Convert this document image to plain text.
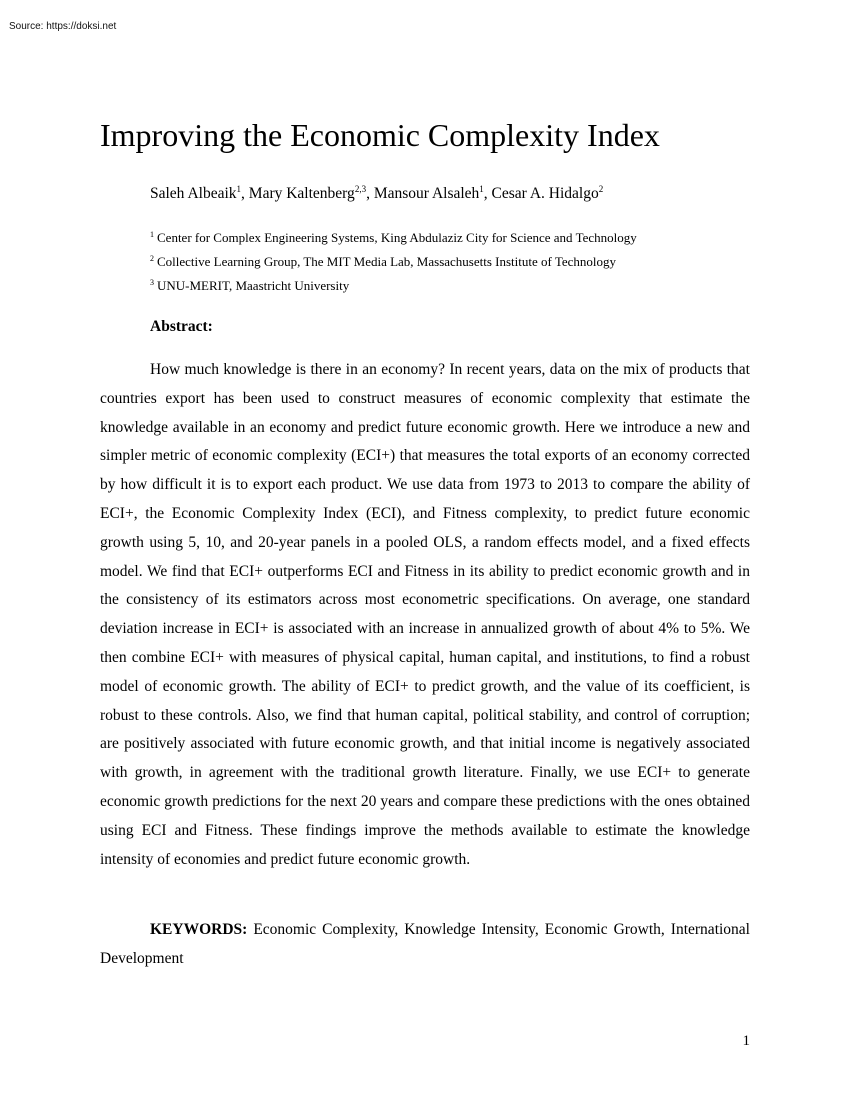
Source: https://doksi.net
Improving the Economic Complexity Index
Saleh Albeaik$^1$, Mary Kaltenberg$^{2,3}$, Mansour Alsaleh$^1$, Cesar A. Hidalgo$^2$
$^1$ Center for Complex Engineering Systems, King Abdulaziz City for Science and Technology
$^2$ Collective Learning Group, The MIT Media Lab, Massachusetts Institute of Technology
$^3$ UNU-MERIT, Maastricht University
Abstract:

How much knowledge is there in an economy? In recent years, data on the mix of products that countries export has been used to construct measures of economic complexity that estimate the knowledge available in an economy and predict future economic growth. Here we introduce a new and simpler metric of economic complexity (ECI+) that measures the total exports of an economy corrected by how difficult it is to export each product. We use data from 1973 to 2013 to compare the ability of ECI+, the Economic Complexity Index (ECI), and Fitness complexity, to predict future economic growth using 5, 10, and 20-year panels in a pooled OLS, a random effects model, and a fixed effects model. We find that ECI+ outperforms ECI and Fitness in its ability to predict economic growth and in the consistency of its estimators across most econometric specifications. On average, one standard deviation increase in ECI+ is associated with an increase in annualized growth of about 4% to 5%. We then combine ECI+ with measures of physical capital, human capital, and institutions, to find a robust model of economic growth. The ability of ECI+ to predict growth, and the value of its coefficient, is robust to these controls. Also, we find that human capital, political stability, and control of corruption; are positively associated with future economic growth, and that initial income is negatively associated with growth, in agreement with the traditional growth literature. Finally, we use ECI+ to generate economic growth predictions for the next 20 years and compare these predictions with the ones obtained using ECI and Fitness. These findings improve the methods available to estimate the knowledge intensity of economies and predict future economic growth.

KEYWORDS: Economic Complexity, Knowledge Intensity, Economic Growth, International Development

1
